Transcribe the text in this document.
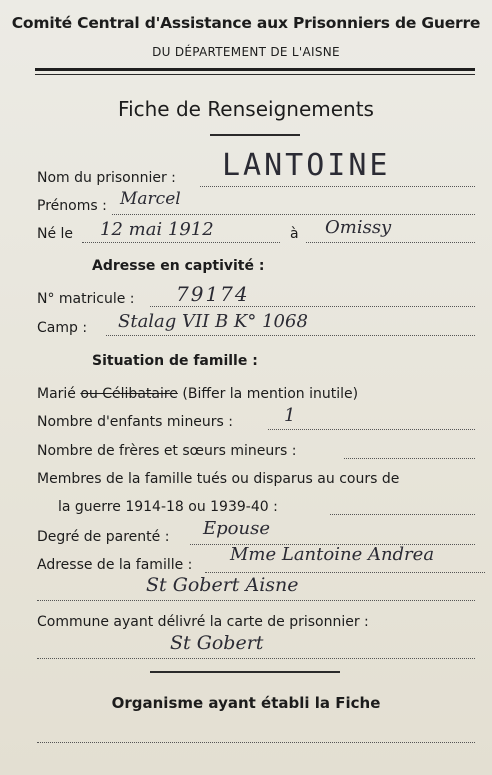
Comité Central d'Assistance aux Prisonniers de Guerre
DU DÉPARTEMENT DE L'AISNE
Fiche de Renseignements
Nom du prisonnier : LANTOINE
Prénoms : Marcel
Né le 12 mai 1912	à Omissy
Adresse en captivité :
N° matricule : 79174
Camp : Stalag VII B K° 1068
Situation de famille :
Marié ou Célibataire (Biffer la mention inutile)
Nombre d'enfants mineurs :	1
Nombre de frères et sœurs mineurs :
Membres de la famille tués ou disparus au cours de
la guerre 1914-18 ou 1939-40 :
Degré de parenté : Epouse
Adresse de la famille : Mme Lantoine Andrea
St Gobert Aisne
Commune ayant délivré la carte de prisonnier :
St Gobert
Organisme ayant établi la Fiche
